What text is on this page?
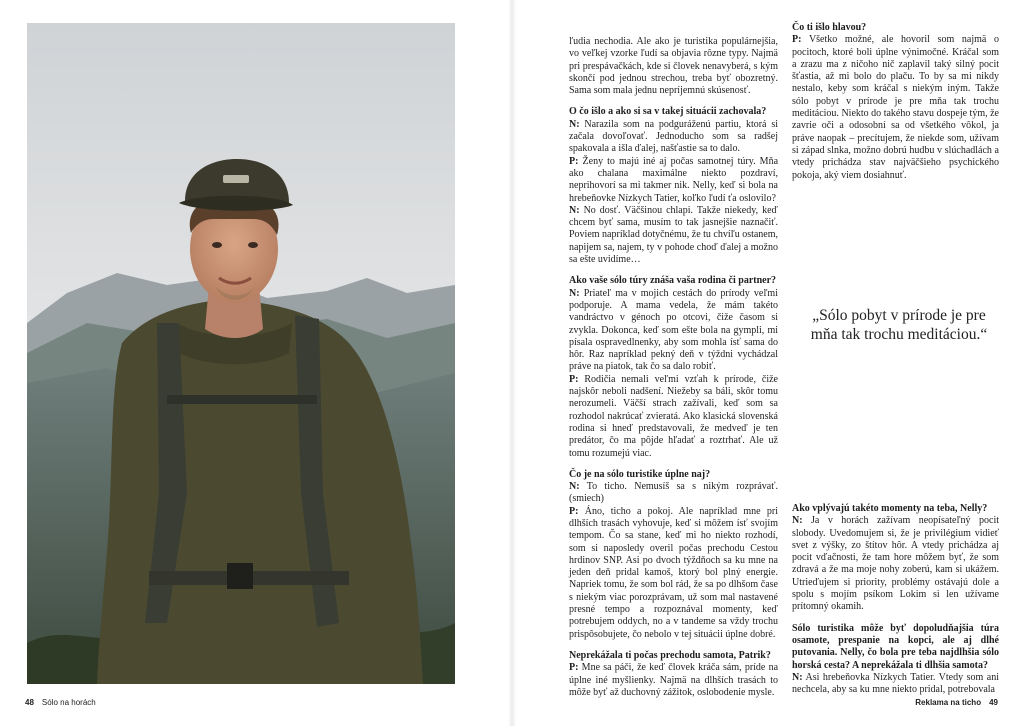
48 Sólo na horách

ľudia nechodia. Ale ako je turistika populárnejšia, vo veľkej vzorke ľudí sa objavia rôzne typy. Najmä pri prespávačkách, kde si človek nenavyberá, s kým skončí pod jednou strechou, treba byť obozretný. Sama som mala jednu nepríjemnú skúsenosť.

O čo išlo a ako si sa v takej situácii zachovala?

N: Narazila som na podguráženú partiu, ktorá si začala dovoľovať. Jednoducho som sa radšej spakovala a išla ďalej, našťastie sa to dalo.

P: Ženy to majú iné aj počas samotnej túry. Mňa ako chalana maximálne niekto pozdraví, neprihovorí sa mi takmer nik. Nelly, keď si bola na hrebeňovke Nízkych Tatier, koľko ľudí ťa oslovilo?

N: No dosť. Väčšinou chlapi. Takže niekedy, keď chcem byť sama, musím to tak jasnejšie naznačiť. Poviem napríklad dotyčnému, že tu chvíľu ostanem, napijem sa, najem, ty v pohode choď ďalej a možno sa ešte uvidíme…

Ako vaše sólo túry znáša vaša rodina či partner?

N: Priateľ ma v mojich cestách do prírody veľmi podporuje. A mama vedela, že mám takéto vandráctvo v génoch po otcovi, čiže časom si zvykla. Dokonca, keď som ešte bola na gympli, mi písala ospravedlnenky, aby som mohla ísť sama do hôr. Raz napríklad pekný deň v týždni vychádzal práve na piatok, tak čo sa dalo robiť.

P: Rodičia nemali veľmi vzťah k prírode, čiže najskôr neboli nadšení. Niežeby sa báli, skôr tomu nerozumeli. Väčší strach zažívali, keď som sa rozhodol nakrúcať zvieratá. Ako klasická slovenská rodina si hneď predstavovali, že medveď je ten predátor, čo ma pôjde hľadať a roztrhať. Ale už tomu rozumejú viac.

Čo je na sólo turistike úplne naj?

N: To ticho. Nemusíš sa s nikým rozprávať. (smiech)

P: Áno, ticho a pokoj. Ale napríklad mne pri dlhších trasách vyhovuje, keď si môžem ísť svojím tempom. Čo sa stane, keď mi ho niekto rozhodí, som si naposledy overil počas prechodu Cestou hrdinov SNP. Asi po dvoch týždňoch sa ku mne na jeden deň pridal kamoš, ktorý bol plný energie. Napriek tomu, že som bol rád, že sa po dlhšom čase s niekým viac porozprávam, už som mal nastavené presné tempo a rozpoznával momenty, keď potrebujem oddych, no a v tandeme sa vždy trochu prispôsobujete, čo nebolo v tej situácii úplne dobré.

Neprekážala ti počas prechodu samota, Patrik?

P: Mne sa páči, že keď človek kráča sám, príde na úplne iné myšlienky. Najmä na dlhších trasách to môže byť až duchovný zážitok, oslobodenie mysle.

Čo ti išlo hlavou?

P: Všetko možné, ale hovoril som najmä o pocitoch, ktoré boli úplne výnimočné. Kráčal som a zrazu ma z ničoho nič zaplavil taký silný pocit šťastia, až mi bolo do plaču. To by sa mi nikdy nestalo, keby som kráčal s niekým iným. Takže sólo pobyt v prírode je pre mňa tak trochu meditáciou. Niekto do takého stavu dospeje tým, že zavrie oči a odosobní sa od všetkého vôkol, ja práve naopak – precítujem, že niekde som, užívam si západ slnka, možno dobrú hudbu v slúchadlách a vtedy prichádza stav najväčšieho psychického pokoja, aký viem dosiahnuť.

„Sólo pobyt v prírode je pre mňa tak trochu meditáciou.“

Ako vplývajú takéto momenty na teba, Nelly?

N: Ja v horách zažívam neopísateľný pocit slobody. Uvedomujem si, že je privilégium vidieť svet z výšky, zo štítov hôr. A vtedy prichádza aj pocit vďačnosti, že tam hore môžem byť, že som zdravá a že ma moje nohy zoberú, kam si ukážem. Utrieďujem si priority, problémy ostávajú dole a spolu s mojím psíkom Lokim si len užívame prítomný okamih.

Sólo turistika môže byť dopoludňajšia túra osamote, prespanie na kopci, ale aj dlhé putovania. Nelly, čo bola pre teba najdlhšia sólo horská cesta? A neprekážala ti dlhšia samota?

N: Asi hrebeňovka Nízkych Tatier. Vtedy som ani nechcela, aby sa ku mne niekto pridal, potrebovala

Reklama na ticho 49
